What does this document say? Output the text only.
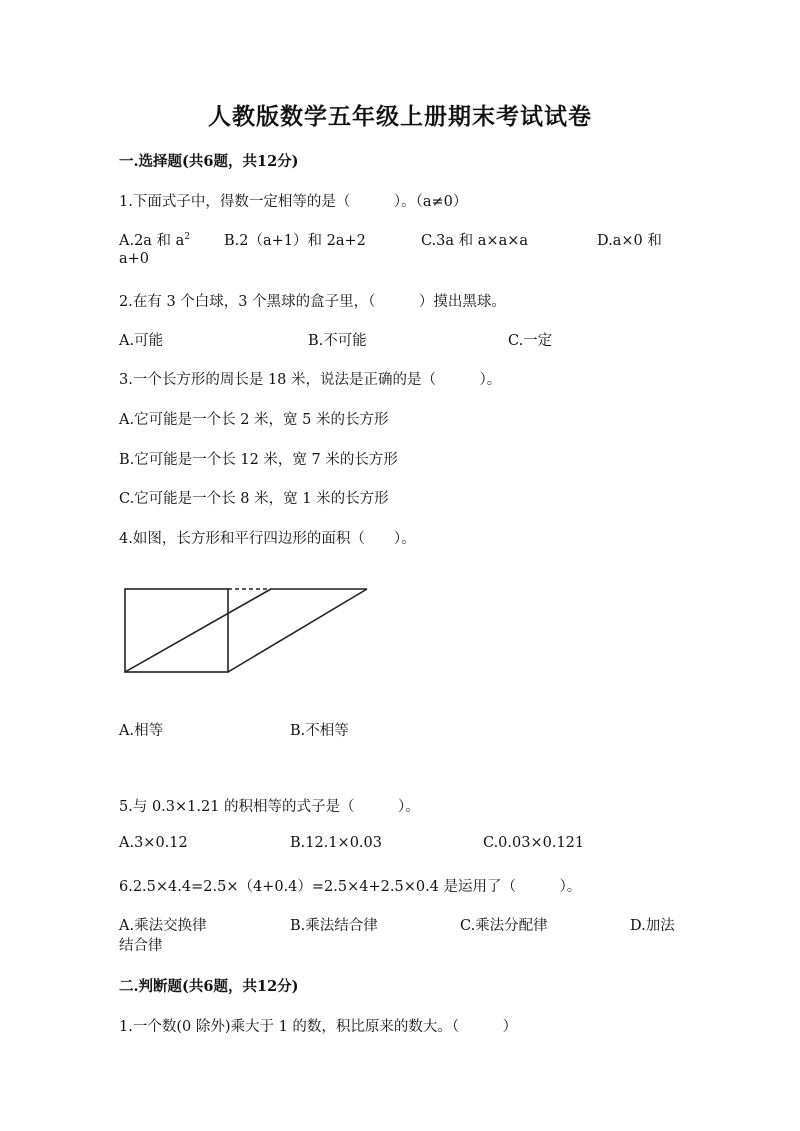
人教版数学五年级上册期末考试试卷
一.选择题(共6题，共12分)
1.下面式子中，得数一定相等的是（　　　）。（a≠0）
A.2a 和 $a^2$ B.2（a+1）和 2a+2	C.3a 和 a×a×a	D.a×0 和
a+0
2.在有 3 个白球，3 个黑球的盒子里，（　　　）摸出黑球。
A.可能	B.不可能	C.一定
3.一个长方形的周长是 18 米，说法是正确的是（　　　）。
A.它可能是一个长 2 米，宽 5 米的长方形
B.它可能是一个长 12 米，宽 7 米的长方形
C.它可能是一个长 8 米，宽 1 米的长方形
4.如图，长方形和平行四边形的面积（　　）。
A.相等	B.不相等
5.与 0.3×1.21 的积相等的式子是（　　　）。
A.3×0.12	B.12.1×0.03	C.0.03×0.121
6.2.5×4.4=2.5×（4+0.4）=2.5×4+2.5×0.4 是运用了（　　　）。
A.乘法交换律	B.乘法结合律	C.乘法分配律	D.加法
结合律
二.判断题(共6题，共12分)
1.一个数(0 除外)乘大于 1 的数，积比原来的数大。（　　　）
